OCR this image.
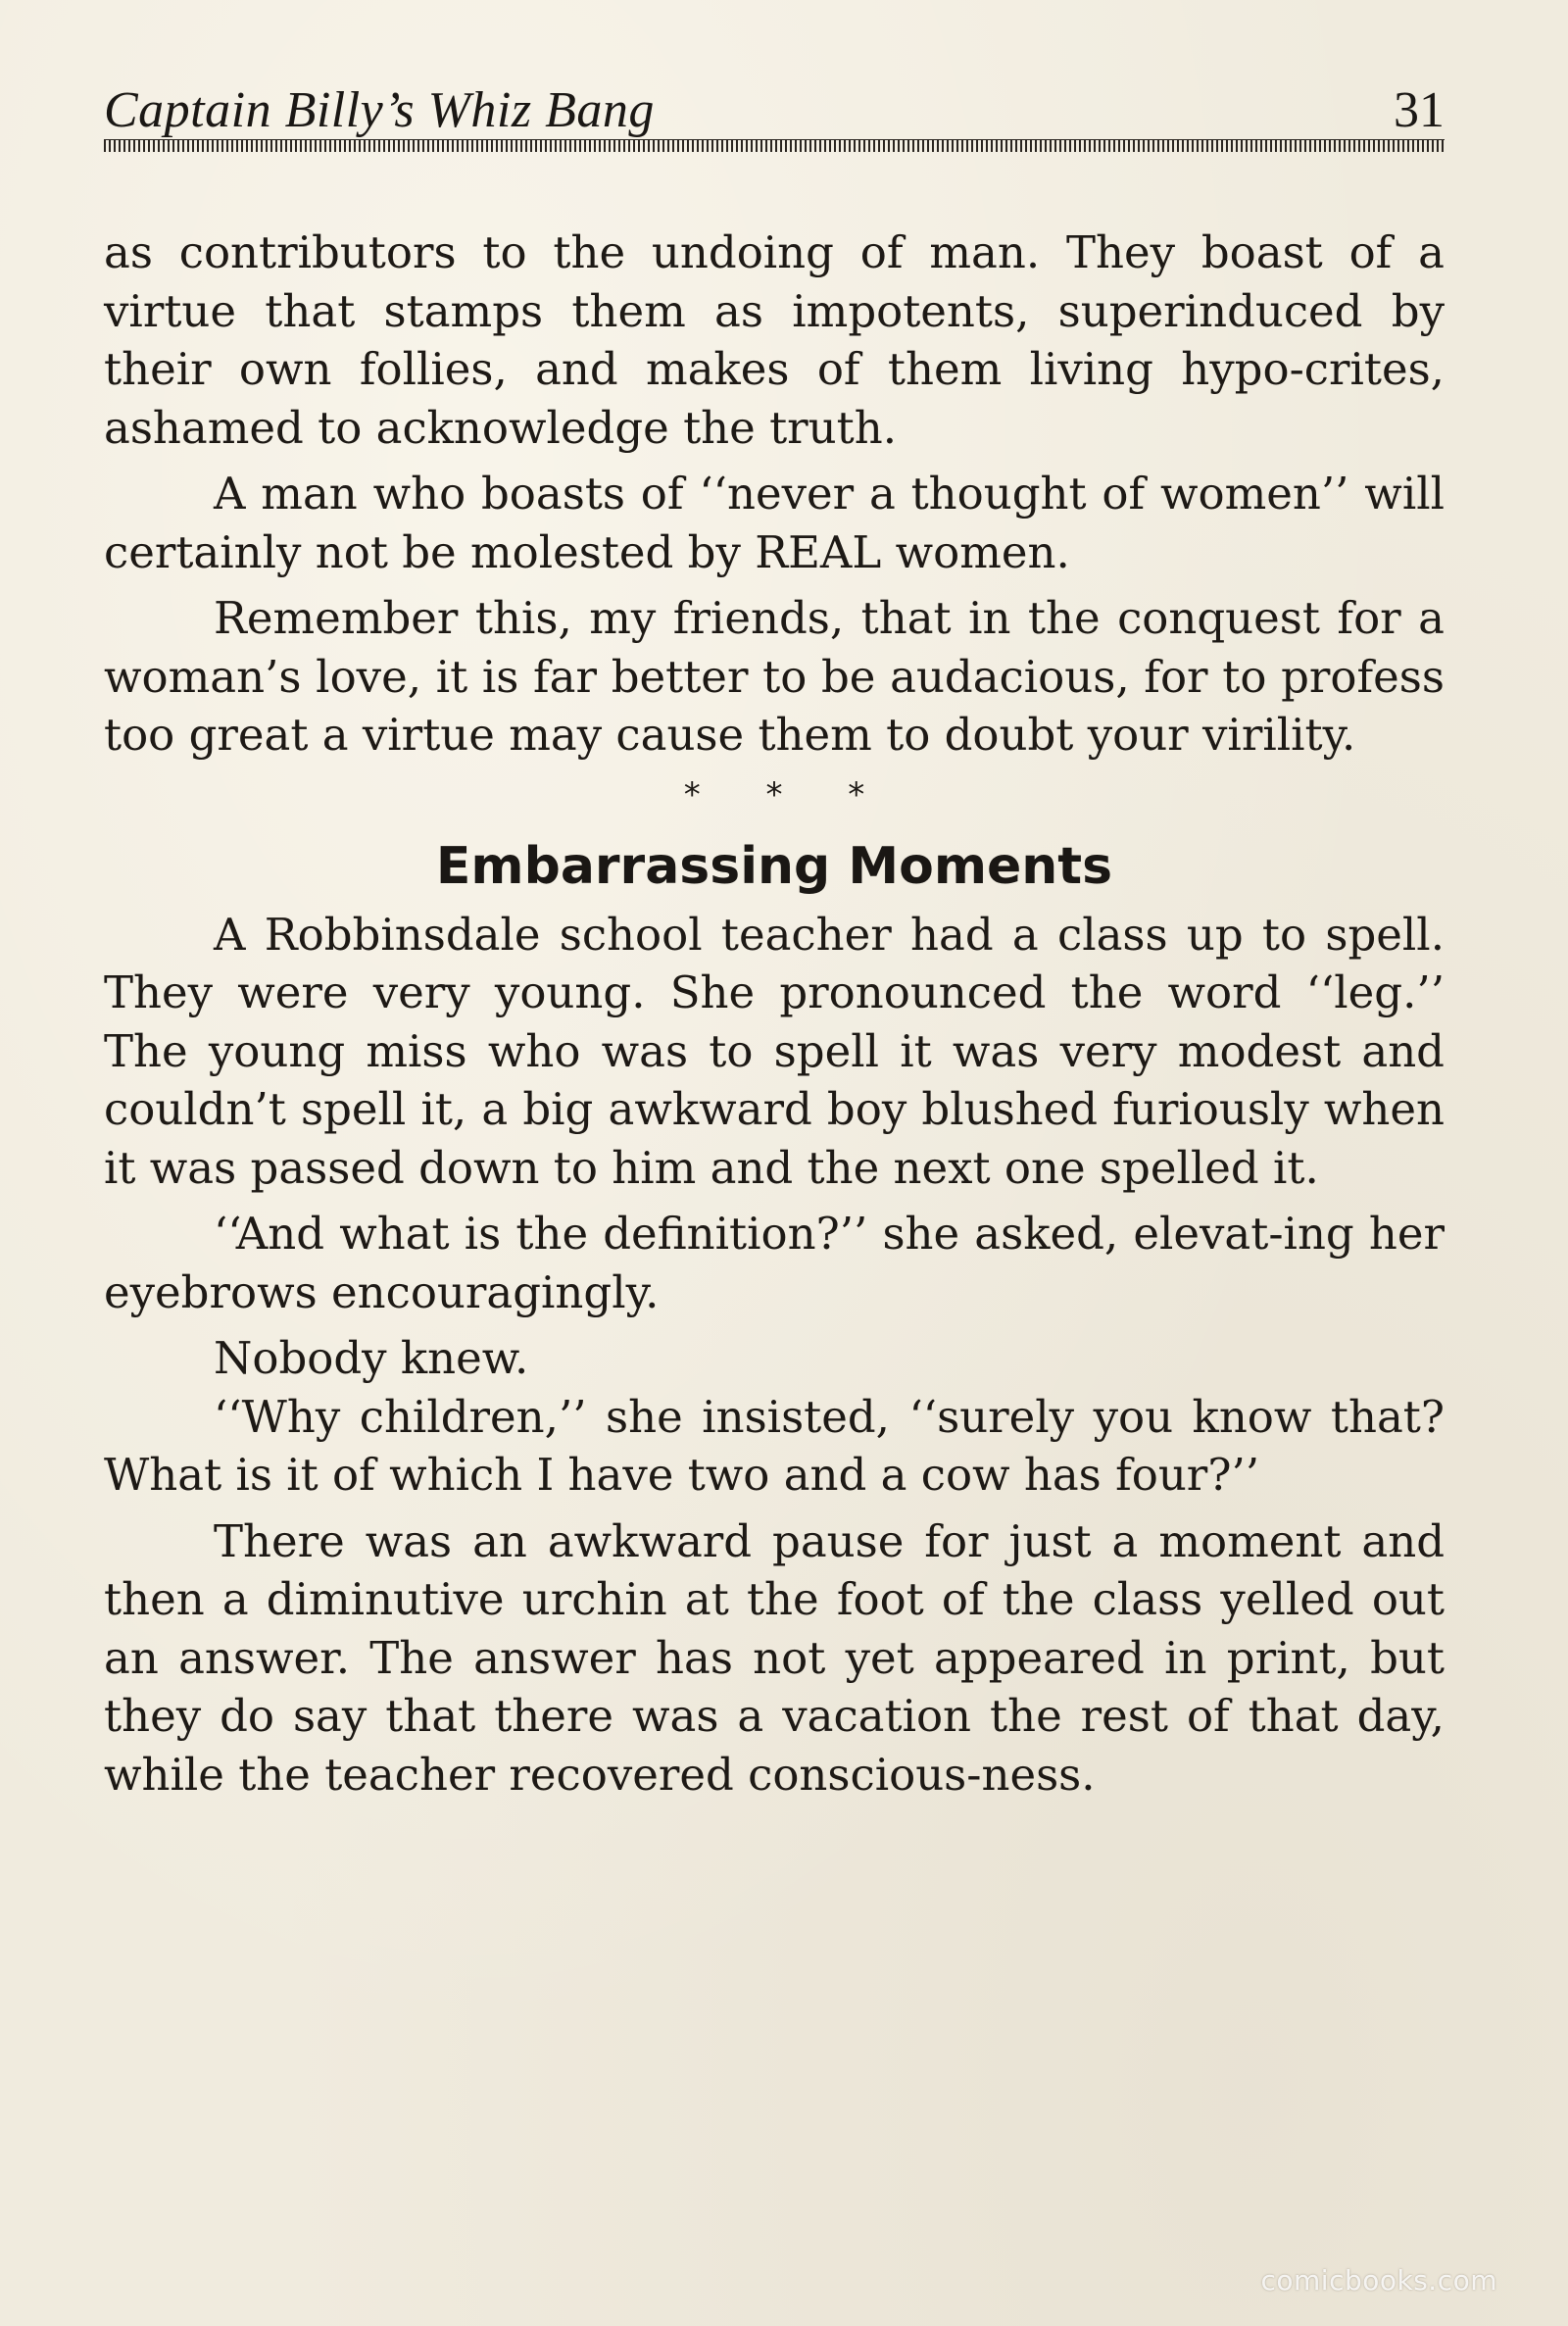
Captain Billy’s Whiz Bang	31

as contributors to the undoing of man. They boast of a virtue that stamps them as impotents, superinduced by their own follies, and makes of them living hypo-crites, ashamed to acknowledge the truth.

A man who boasts of ‘‘never a thought of women’’ will certainly not be molested by REAL women.

Remember this, my friends, that in the conquest for a woman’s love, it is far better to be audacious, for to profess too great a virtue may cause them to doubt your virility.

* * *
Embarrassing Moments

A Robbinsdale school teacher had a class up to spell. They were very young. She pronounced the word ‘‘leg.’’ The young miss who was to spell it was very modest and couldn’t spell it, a big awkward boy blushed furiously when it was passed down to him and the next one spelled it.

‘‘And what is the definition?’’ she asked, elevat-ing her eyebrows encouragingly.

Nobody knew.

‘‘Why children,’’ she insisted, ‘‘surely you know that? What is it of which I have two and a cow has four?’’

There was an awkward pause for just a moment and then a diminutive urchin at the foot of the class yelled out an answer. The answer has not yet appeared in print, but they do say that there was a vacation the rest of that day, while the teacher recovered conscious-ness.

comicbooks.com
